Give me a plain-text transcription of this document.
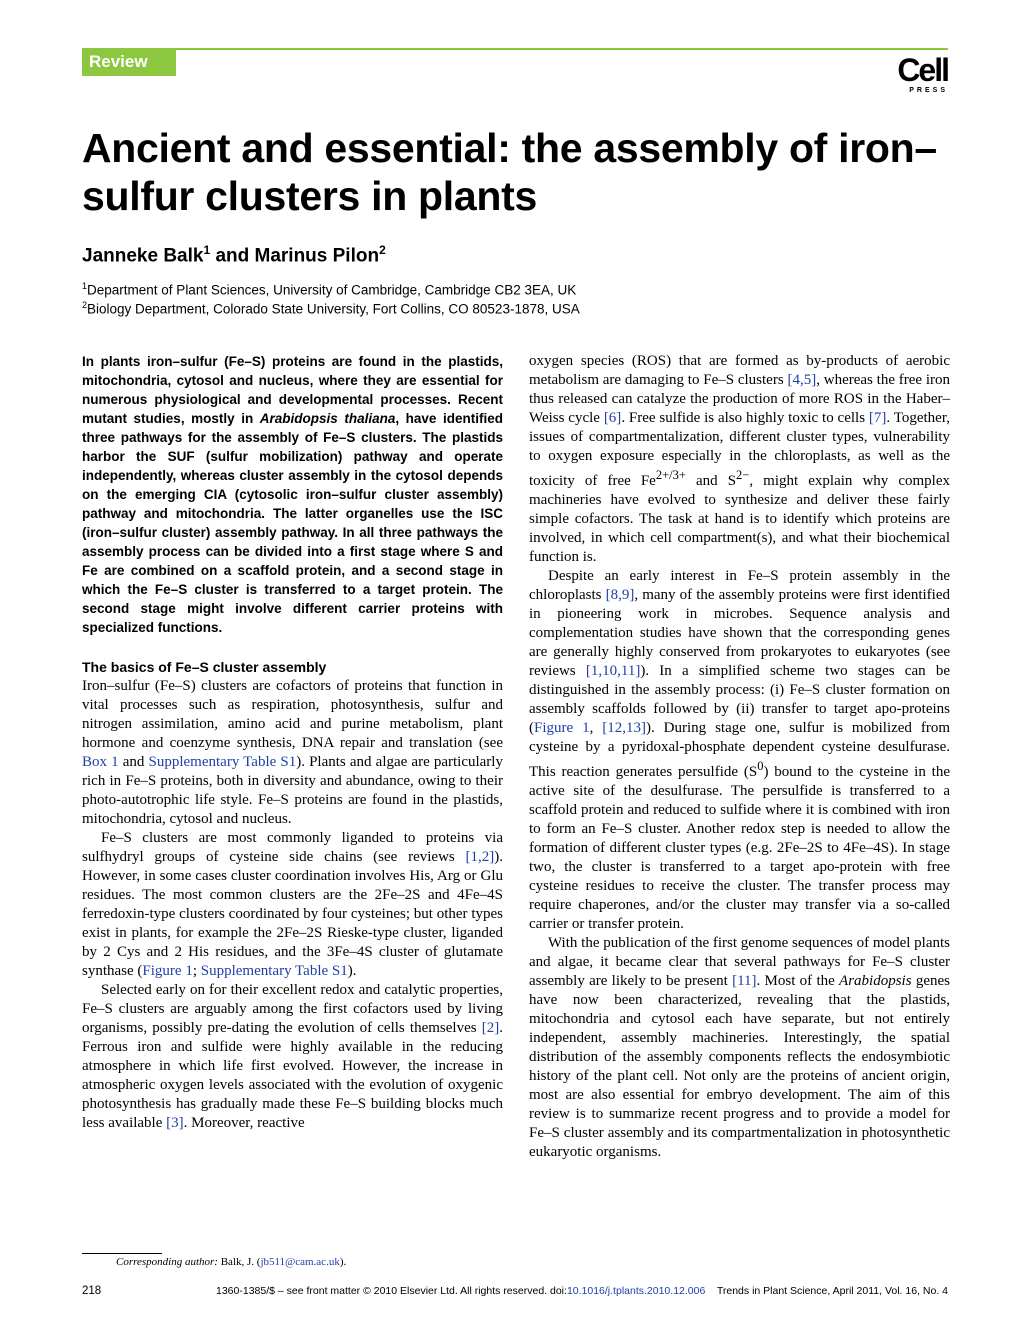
Review	Cell
PRESS
Ancient and essential: the assembly of iron–sulfur clusters in plants

Janneke Balk$^1$ and Marinus Pilon$^2$

$^1$Department of Plant Sciences, University of Cambridge, Cambridge CB2 3EA, UK
$^2$Biology Department, Colorado State University, Fort Collins, CO 80523-1878, USA

In plants iron–sulfur (Fe–S) proteins are found in the plastids, mitochondria, cytosol and nucleus, where they are essential for numerous physiological and developmental processes. Recent mutant studies, mostly in Arabidopsis thaliana, have identified three pathways for the assembly of Fe–S clusters. The plastids harbor the SUF (sulfur mobilization) pathway and operate independently, whereas cluster assembly in the cytosol depends on the emerging CIA (cytosolic iron–sulfur cluster assembly) pathway and mitochondria. The latter organelles use the ISC (iron–sulfur cluster) assembly pathway. In all three pathways the assembly process can be divided into a first stage where S and Fe are combined on a scaffold protein, and a second stage in which the Fe–S cluster is transferred to a target protein. The second stage might involve different carrier proteins with specialized functions.

The basics of Fe–S cluster assembly

Iron–sulfur (Fe–S) clusters are cofactors of proteins that function in vital processes such as respiration, photosynthesis, sulfur and nitrogen assimilation, amino acid and purine metabolism, plant hormone and coenzyme synthesis, DNA repair and translation (see Box 1 and Supplementary Table S1). Plants and algae are particularly rich in Fe–S proteins, both in diversity and abundance, owing to their photo-autotrophic life style. Fe–S proteins are found in the plastids, mitochondria, cytosol and nucleus.

Fe–S clusters are most commonly liganded to proteins via sulfhydryl groups of cysteine side chains (see reviews [1,2]). However, in some cases cluster coordination involves His, Arg or Glu residues. The most common clusters are the 2Fe–2S and 4Fe–4S ferredoxin-type clusters coordinated by four cysteines; but other types exist in plants, for example the 2Fe–2S Rieske-type cluster, liganded by 2 Cys and 2 His residues, and the 3Fe–4S cluster of glutamate synthase (Figure 1; Supplementary Table S1).

Selected early on for their excellent redox and catalytic properties, Fe–S clusters are arguably among the first cofactors used by living organisms, possibly pre-dating the evolution of cells themselves [2]. Ferrous iron and sulfide were highly available in the reducing atmosphere in which life first evolved. However, the increase in atmospheric oxygen levels associated with the evolution of oxygenic photosynthesis has gradually made these Fe–S building blocks much less available [3]. Moreover, reactive

oxygen species (ROS) that are formed as by-products of aerobic metabolism are damaging to Fe–S clusters [4,5], whereas the free iron thus released can catalyze the production of more ROS in the Haber–Weiss cycle [6]. Free sulfide is also highly toxic to cells [7]. Together, issues of compartmentalization, different cluster types, vulnerability to oxygen exposure especially in the chloroplasts, as well as the toxicity of free $Fe^{2+/3+}$ and $S^{2-}$, might explain why complex machineries have evolved to synthesize and deliver these fairly simple cofactors. The task at hand is to identify which proteins are involved, in which cell compartment(s), and what their biochemical function is.

Despite an early interest in Fe–S protein assembly in the chloroplasts [8,9], many of the assembly proteins were first identified in pioneering work in microbes. Sequence analysis and complementation studies have shown that the corresponding genes are generally highly conserved from prokaryotes to eukaryotes (see reviews [1,10,11]). In a simplified scheme two stages can be distinguished in the assembly process: (i) Fe–S cluster formation on assembly scaffolds followed by (ii) transfer to target apo-proteins (Figure 1, [12,13]). During stage one, sulfur is mobilized from cysteine by a pyridoxal-phosphate dependent cysteine desulfurase. This reaction generates persulfide $(S^0)$ bound to the cysteine in the active site of the desulfurase. The persulfide is transferred to a scaffold protein and reduced to sulfide where it is combined with iron to form an Fe–S cluster. Another redox step is needed to allow the formation of different cluster types (e.g. 2Fe–2S to 4Fe–4S). In stage two, the cluster is transferred to a target apo-protein with free cysteine residues to receive the cluster. The transfer process may require chaperones, and/or the cluster may transfer via a so-called carrier or transfer protein.

With the publication of the first genome sequences of model plants and algae, it became clear that several pathways for Fe–S cluster assembly are likely to be present [11]. Most of the Arabidopsis genes have now been characterized, revealing that the plastids, mitochondria and cytosol each have separate, but not entirely independent, assembly machineries. Interestingly, the spatial distribution of the assembly components reflects the endosymbiotic history of the plant cell. Not only are the proteins of ancient origin, most are also essential for embryo development. The aim of this review is to summarize recent progress and to provide a model for Fe–S cluster assembly and its compartmentalization in photosynthetic eukaryotic organisms.

Corresponding author: Balk, J. (jb511@cam.ac.uk).
218	1360-1385/$ – see front matter © 2010 Elsevier Ltd. All rights reserved. doi:10.1016/j.tplants.2010.12.006 Trends in Plant Science, April 2011, Vol. 16, No. 4
